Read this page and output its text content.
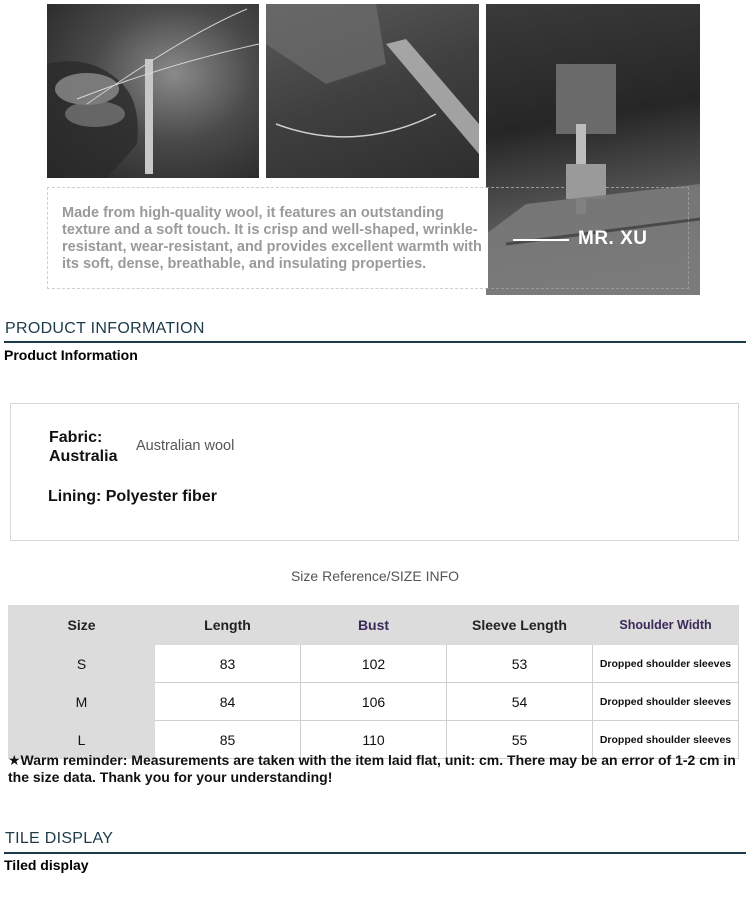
Made from high-quality wool, it features an outstanding texture and a soft touch. It is crisp and well-shaped, wrinkle-resistant, wear-resistant, and provides excellent warmth with its soft, dense, breathable, and insulating properties.

MR. XU
PRODUCT INFORMATION
Product Information
Fabric: Australia
Australian wool
Lining: Polyester fiber
Size Reference/SIZE INFO
Size	Length	Bust	Sleeve Length	Shoulder Width
S	83	102	53	Dropped shoulder sleeves
M	84	106	54	Dropped shoulder sleeves
L	85	110	55	Dropped shoulder sleeves
★Warm reminder: Measurements are taken with the item laid flat, unit: cm. There may be an error of 1-2 cm in the size data. Thank you for your understanding!
TILE DISPLAY
Tiled display
